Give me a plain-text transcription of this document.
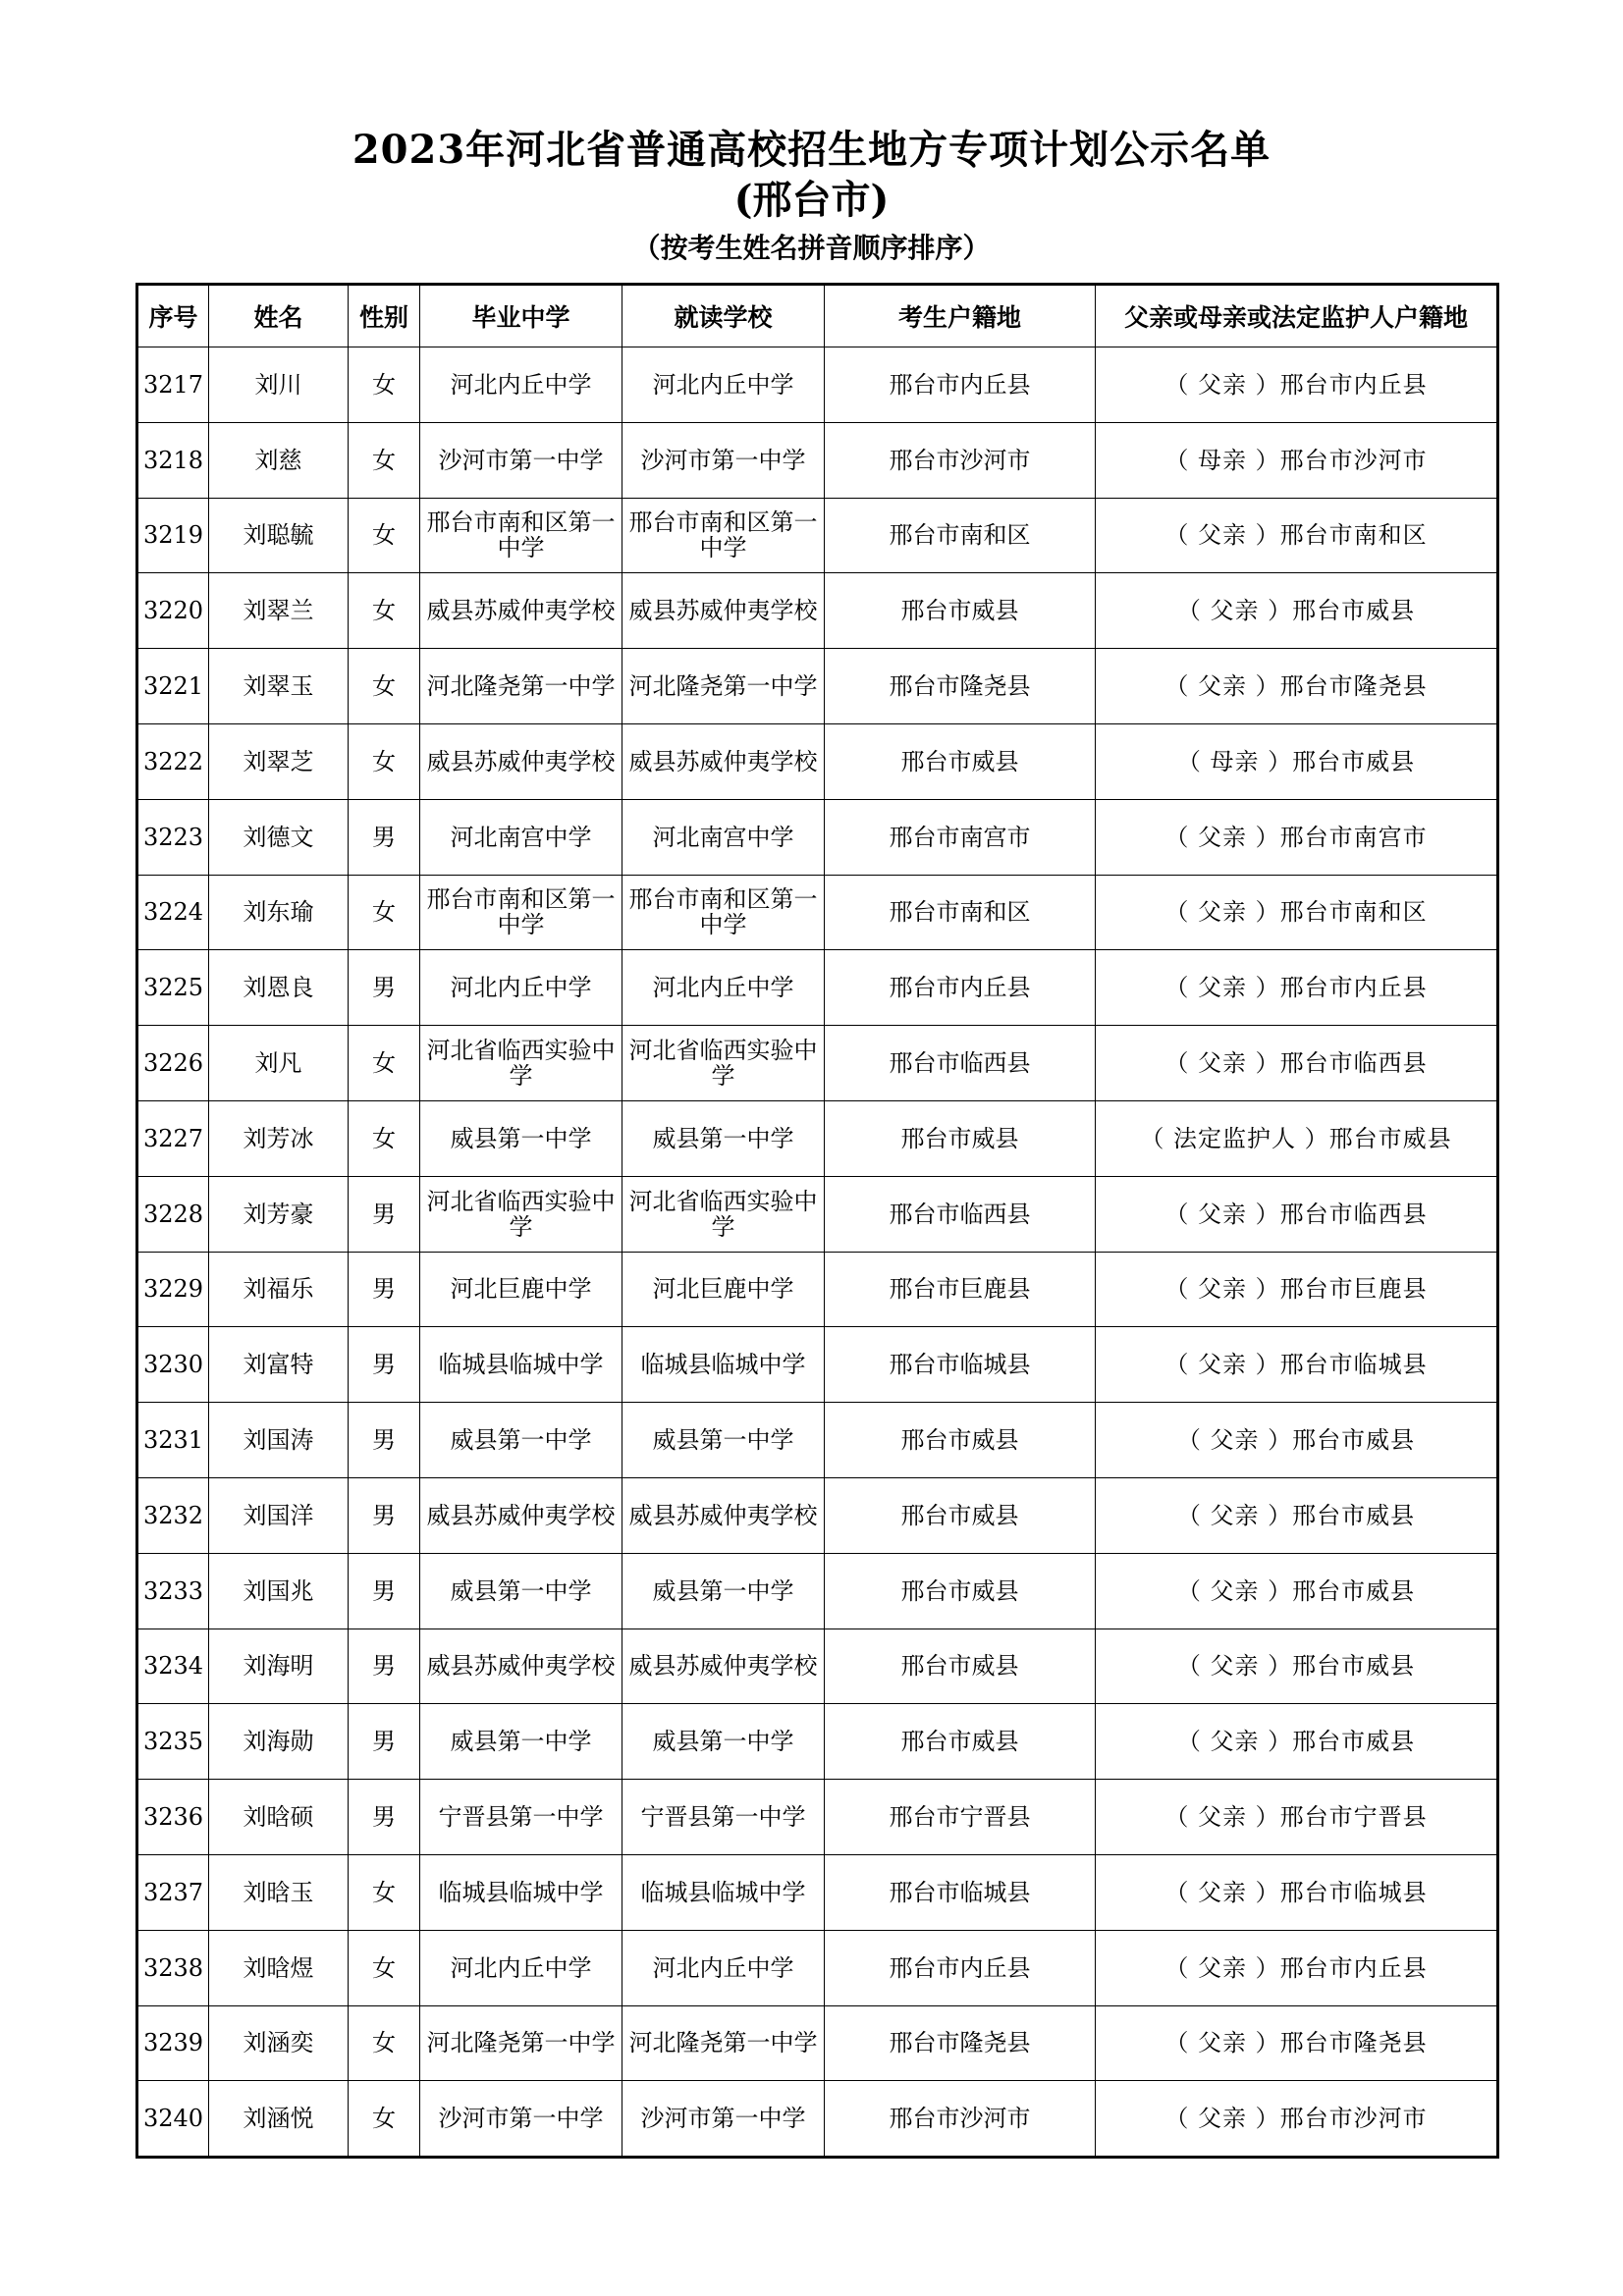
2023年河北省普通高校招生地方专项计划公示名单
(邢台市)
（按考生姓名拼音顺序排序）
序号	姓名	性别	毕业中学	就读学校	考生户籍地	父亲或母亲或法定监护人户籍地
3217	刘川	女	河北内丘中学	河北内丘中学	邢台市内丘县	（ 父亲 ）邢台市内丘县
3218	刘慈	女	沙河市第一中学	沙河市第一中学	邢台市沙河市	（ 母亲 ）邢台市沙河市
3219	刘聪毓	女	邢台市南和区第一中学	邢台市南和区第一中学	邢台市南和区	（ 父亲 ）邢台市南和区
3220	刘翠兰	女	威县苏威仲夷学校	威县苏威仲夷学校	邢台市威县	（ 父亲 ）邢台市威县
3221	刘翠玉	女	河北隆尧第一中学	河北隆尧第一中学	邢台市隆尧县	（ 父亲 ）邢台市隆尧县
3222	刘翠芝	女	威县苏威仲夷学校	威县苏威仲夷学校	邢台市威县	（ 母亲 ）邢台市威县
3223	刘德文	男	河北南宫中学	河北南宫中学	邢台市南宫市	（ 父亲 ）邢台市南宫市
3224	刘东瑜	女	邢台市南和区第一中学	邢台市南和区第一中学	邢台市南和区	（ 父亲 ）邢台市南和区
3225	刘恩良	男	河北内丘中学	河北内丘中学	邢台市内丘县	（ 父亲 ）邢台市内丘县
3226	刘凡	女	河北省临西实验中学	河北省临西实验中学	邢台市临西县	（ 父亲 ）邢台市临西县
3227	刘芳冰	女	威县第一中学	威县第一中学	邢台市威县	（ 法定监护人 ）邢台市威县
3228	刘芳豪	男	河北省临西实验中学	河北省临西实验中学	邢台市临西县	（ 父亲 ）邢台市临西县
3229	刘福乐	男	河北巨鹿中学	河北巨鹿中学	邢台市巨鹿县	（ 父亲 ）邢台市巨鹿县
3230	刘富特	男	临城县临城中学	临城县临城中学	邢台市临城县	（ 父亲 ）邢台市临城县
3231	刘国涛	男	威县第一中学	威县第一中学	邢台市威县	（ 父亲 ）邢台市威县
3232	刘国洋	男	威县苏威仲夷学校	威县苏威仲夷学校	邢台市威县	（ 父亲 ）邢台市威县
3233	刘国兆	男	威县第一中学	威县第一中学	邢台市威县	（ 父亲 ）邢台市威县
3234	刘海明	男	威县苏威仲夷学校	威县苏威仲夷学校	邢台市威县	（ 父亲 ）邢台市威县
3235	刘海勋	男	威县第一中学	威县第一中学	邢台市威县	（ 父亲 ）邢台市威县
3236	刘晗硕	男	宁晋县第一中学	宁晋县第一中学	邢台市宁晋县	（ 父亲 ）邢台市宁晋县
3237	刘晗玉	女	临城县临城中学	临城县临城中学	邢台市临城县	（ 父亲 ）邢台市临城县
3238	刘晗煜	女	河北内丘中学	河北内丘中学	邢台市内丘县	（ 父亲 ）邢台市内丘县
3239	刘涵奕	女	河北隆尧第一中学	河北隆尧第一中学	邢台市隆尧县	（ 父亲 ）邢台市隆尧县
3240	刘涵悦	女	沙河市第一中学	沙河市第一中学	邢台市沙河市	（ 父亲 ）邢台市沙河市
